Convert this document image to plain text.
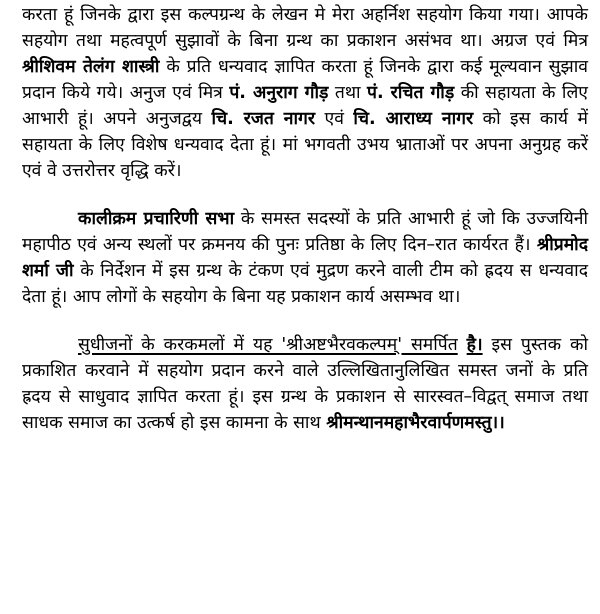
करता हूं जिनके द्वारा इस कल्पग्रन्थ के लेखन मे मेरा अहर्निश सहयोग किया गया। आपके सहयोग तथा महत्वपूर्ण सुझावों के बिना ग्रन्थ का प्रकाशन असंभव था। अग्रज एवं मित्र श्रीशिवम तेलंग शास्त्री के प्रति धन्यवाद ज्ञापित करता हूं जिनके द्वारा कई मूल्यवान सुझाव प्रदान किये गये। अनुज एवं मित्र पं. अनुराग गौड़ तथा पं. रचित गौड़ की सहायता के लिए आभारी हूं। अपने अनुजद्वय चि. रजत नागर एवं चि. आराध्य नागर को इस कार्य में सहायता के लिए विशेष धन्यवाद देता हूं। मां भगवती उभय भ्राताओं पर अपना अनुग्रह करें एवं वे उत्तरोत्तर वृद्धि करें।

कालीक्रम प्रचारिणी सभा के समस्त सदस्यों के प्रति आभारी हूं जो कि उज्जयिनी महापीठ एवं अन्य स्थलों पर क्रमनय की पुनः प्रतिष्ठा के लिए दिन–रात कार्यरत हैं। श्रीप्रमोद शर्मा जी के निर्देशन में इस ग्रन्थ के टंकण एवं मुद्रण करने वाली टीम को ह्रदय स धन्यवाद देता हूं। आप लोगों के सहयोग के बिना यह प्रकाशन कार्य असम्भव था।

सुधीजनों के करकमलों में यह 'श्रीअष्टभैरवकल्पम्' समर्पित है। इस पुस्तक को प्रकाशित करवाने में सहयोग प्रदान करने वाले उल्लिखितानुलिखित समस्त जनों के प्रति ह्रदय से साधुवाद ज्ञापित करता हूं। इस ग्रन्थ के प्रकाशन से सारस्वत–विद्वत् समाज तथा साधक समाज का उत्कर्ष हो इस कामना के साथ श्रीमन्थानमहाभैरवार्पणमस्तु।।
